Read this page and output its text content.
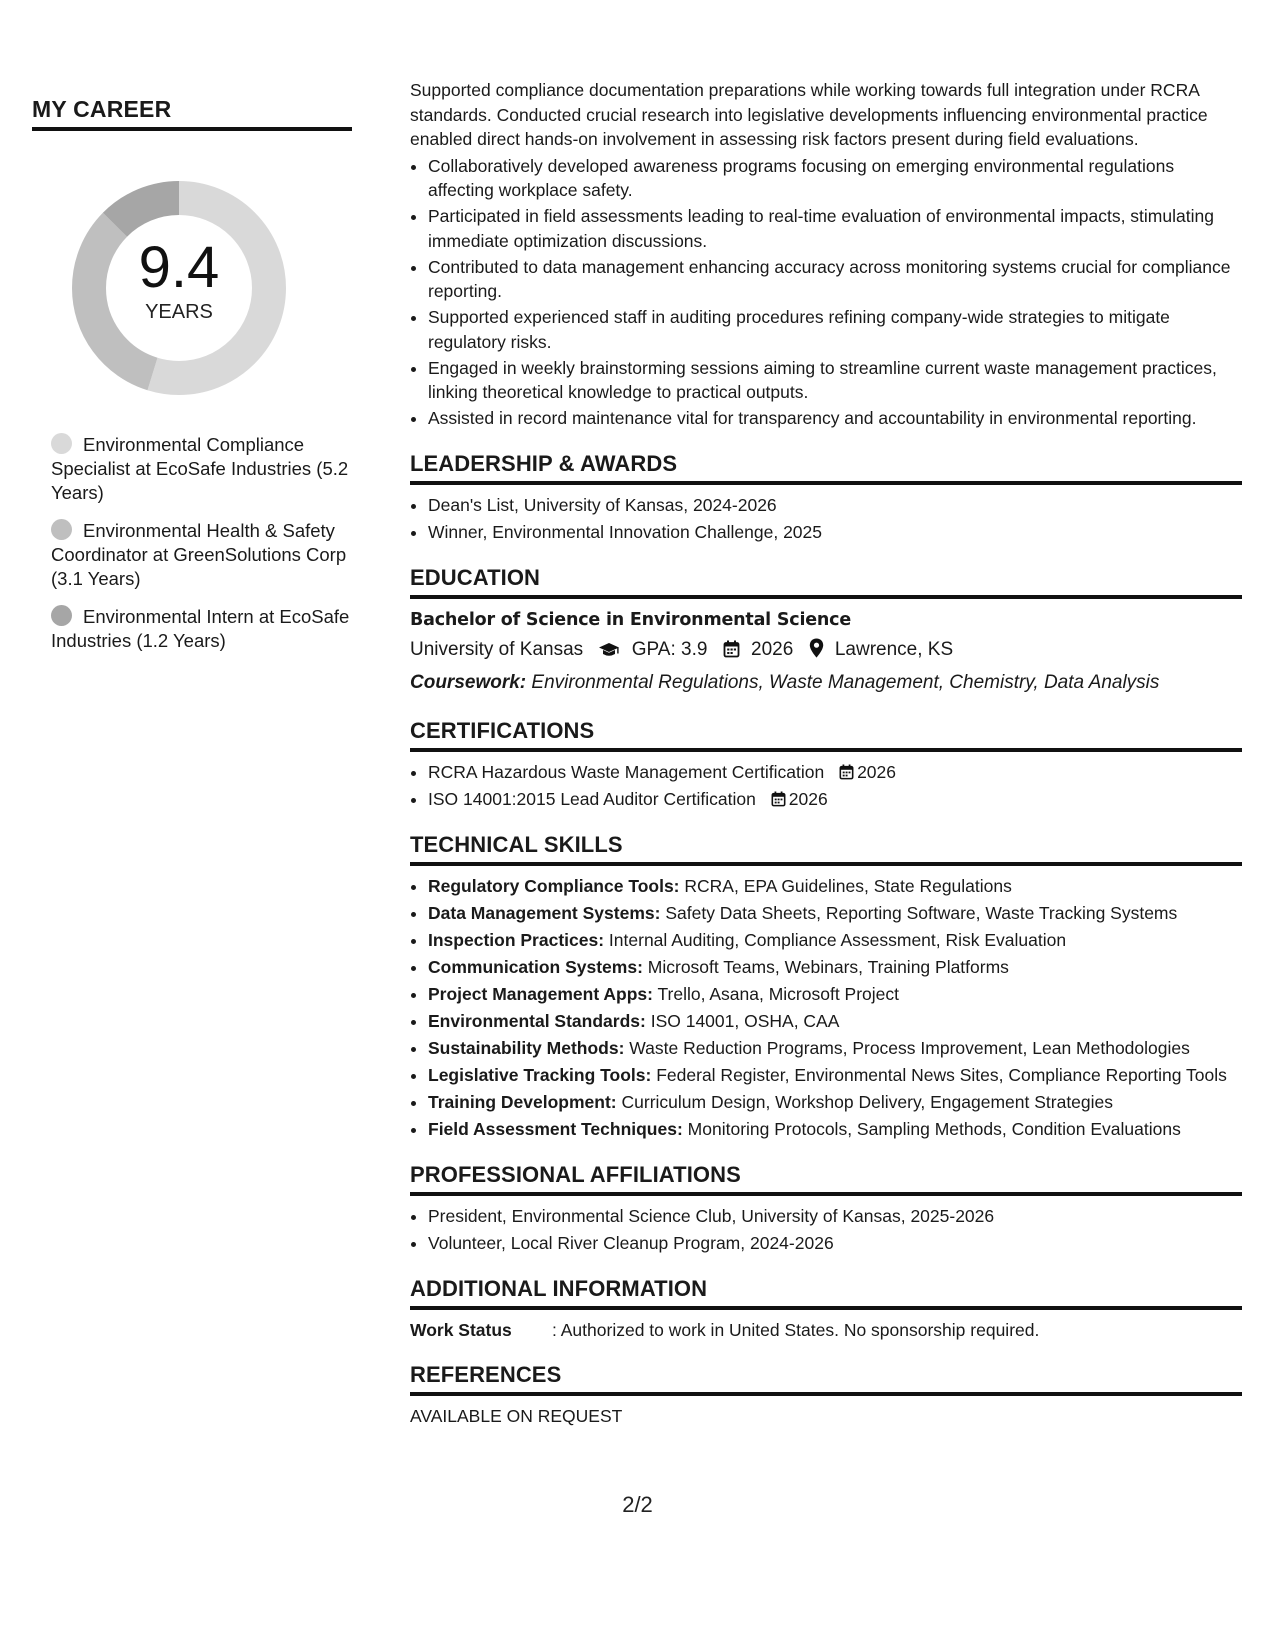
MY CAREER
9.4
YEARS
Environmental Compliance Specialist at EcoSafe Industries (5.2 Years)
Environmental Health & Safety Coordinator at GreenSolutions Corp (3.1 Years)
Environmental Intern at EcoSafe Industries (1.2 Years)

Supported compliance documentation preparations while working towards full integration under RCRA standards. Conducted crucial research into legislative developments influencing environmental practice enabled direct hands-on involvement in assessing risk factors present during field evaluations.

• Collaboratively developed awareness programs focusing on emerging environmental regulations affecting workplace safety.
• Participated in field assessments leading to real-time evaluation of environmental impacts, stimulating immediate optimization discussions.
• Contributed to data management enhancing accuracy across monitoring systems crucial for compliance reporting.
• Supported experienced staff in auditing procedures refining company-wide strategies to mitigate regulatory risks.
• Engaged in weekly brainstorming sessions aiming to streamline current waste management practices, linking theoretical knowledge to practical outputs.
• Assisted in record maintenance vital for transparency and accountability in environmental reporting.
LEADERSHIP & AWARDS
• Dean's List, University of Kansas, 2024-2026
• Winner, Environmental Innovation Challenge, 2025
EDUCATION

Bachelor of Science in Environmental Science

University of Kansas	GPA: 3.9 2026 Lawrence, KS
Coursework: Environmental Regulations, Waste Management, Chemistry, Data Analysis
CERTIFICATIONS
• RCRA Hazardous Waste Management Certification 2026
• ISO 14001:2015 Lead Auditor Certification 2026
TECHNICAL SKILLS
• Regulatory Compliance Tools: RCRA, EPA Guidelines, State Regulations
• Data Management Systems: Safety Data Sheets, Reporting Software, Waste Tracking Systems
• Inspection Practices: Internal Auditing, Compliance Assessment, Risk Evaluation
• Communication Systems: Microsoft Teams, Webinars, Training Platforms
• Project Management Apps: Trello, Asana, Microsoft Project
• Environmental Standards: ISO 14001, OSHA, CAA
• Sustainability Methods: Waste Reduction Programs, Process Improvement, Lean Methodologies
• Legislative Tracking Tools: Federal Register, Environmental News Sites, Compliance Reporting Tools
• Training Development: Curriculum Design, Workshop Delivery, Engagement Strategies
• Field Assessment Techniques: Monitoring Protocols, Sampling Methods, Condition Evaluations
PROFESSIONAL AFFILIATIONS
• President, Environmental Science Club, University of Kansas, 2025-2026
• Volunteer, Local River Cleanup Program, 2024-2026
ADDITIONAL INFORMATION
Work Status	: Authorized to work in United States. No sponsorship required.
REFERENCES
AVAILABLE ON REQUEST
2/2
